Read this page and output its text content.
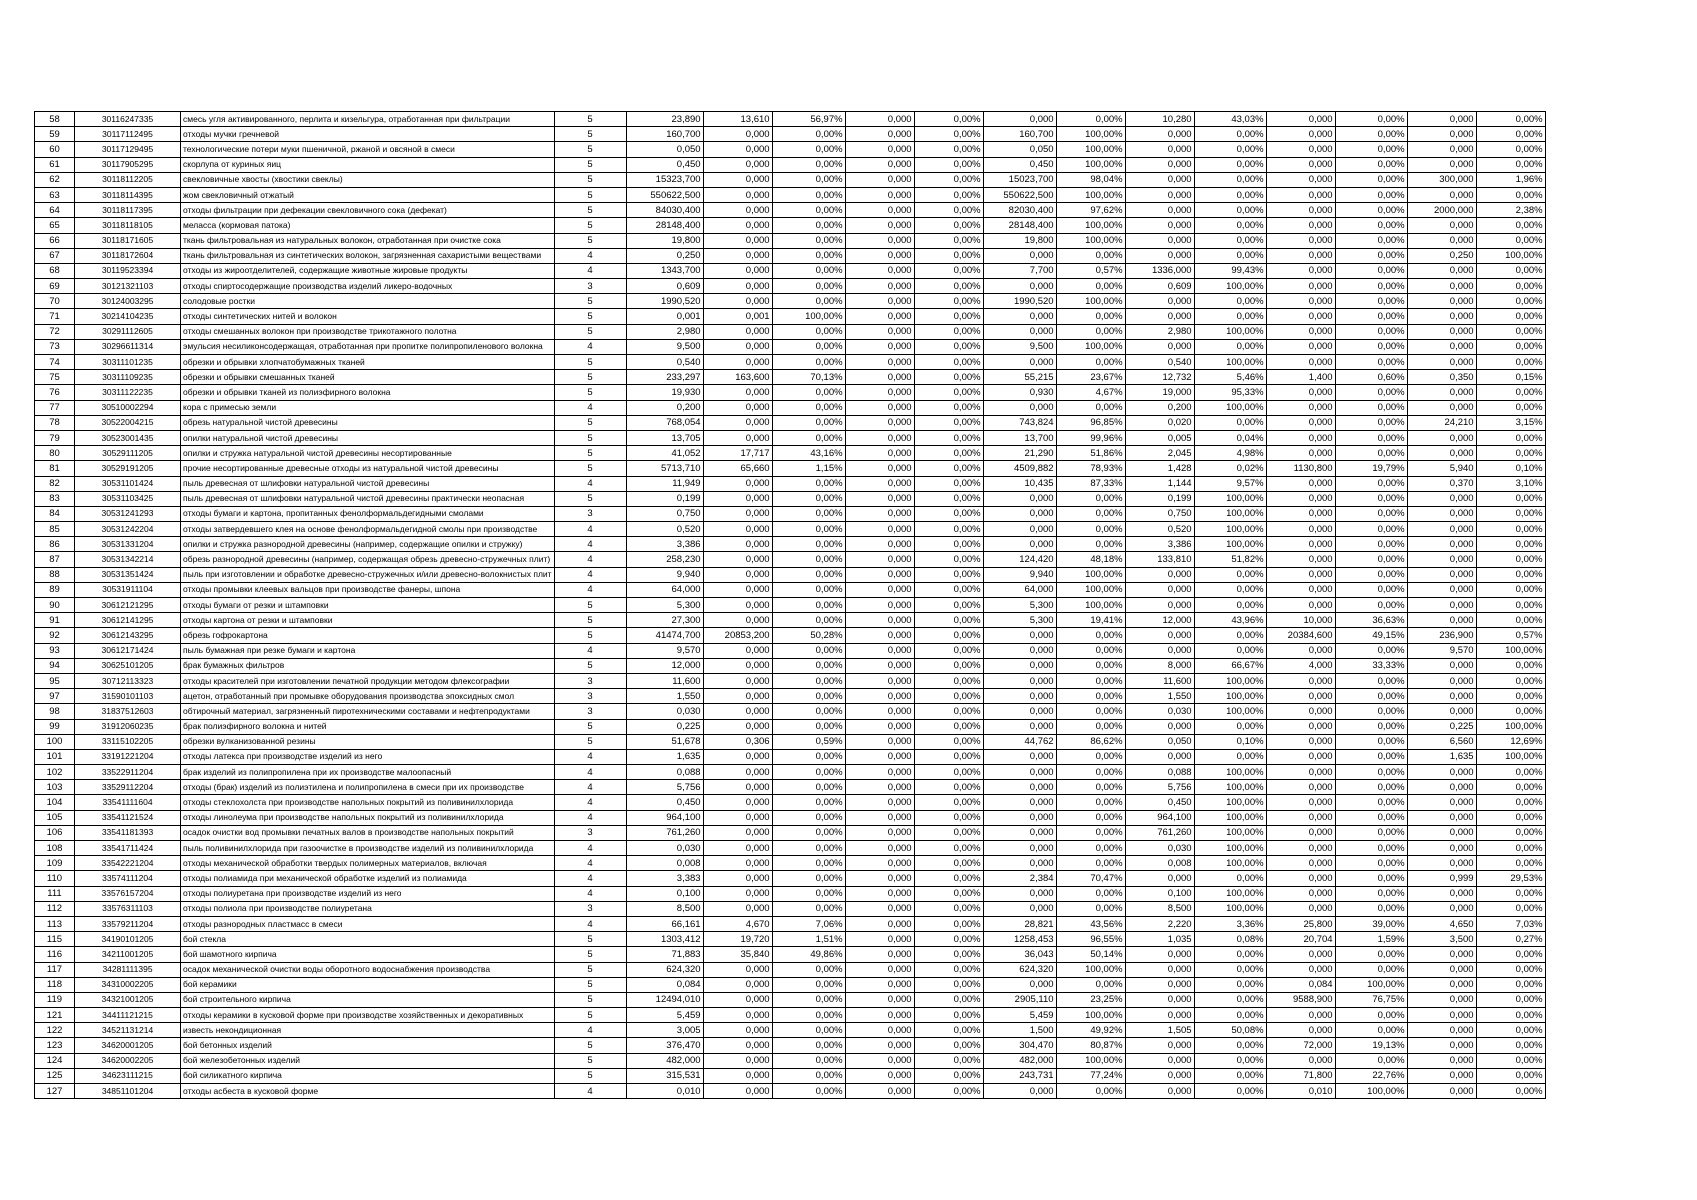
58	30116247335	смесь угля активированного, перлита и кизельгура, отработанная при фильтрации	5	23,890	13,610	56,97%	0,000	0,00%	0,000	0,00%	10,280	43,03%	0,000	0,00%	0,000	0,00%
59	30117112495	отходы мучки гречневой	5	160,700	0,000	0,00%	0,000	0,00%	160,700	100,00%	0,000	0,00%	0,000	0,00%	0,000	0,00%
60	30117129495	технологические потери муки пшеничной, ржаной и овсяной в смеси	5	0,050	0,000	0,00%	0,000	0,00%	0,050	100,00%	0,000	0,00%	0,000	0,00%	0,000	0,00%
61	30117905295	скорлупа от куриных яиц	5	0,450	0,000	0,00%	0,000	0,00%	0,450	100,00%	0,000	0,00%	0,000	0,00%	0,000	0,00%
62	30118112205	свекловичные хвосты (хвостики свеклы)	5	15323,700	0,000	0,00%	0,000	0,00%	15023,700	98,04%	0,000	0,00%	0,000	0,00%	300,000	1,96%
63	30118114395	жом свекловичный отжатый	5	550622,500	0,000	0,00%	0,000	0,00%	550622,500	100,00%	0,000	0,00%	0,000	0,00%	0,000	0,00%
64	30118117395	отходы фильтрации при дефекации свекловичного сока (дефекат)	5	84030,400	0,000	0,00%	0,000	0,00%	82030,400	97,62%	0,000	0,00%	0,000	0,00%	2000,000	2,38%
65	30118118105	меласса (кормовая патока)	5	28148,400	0,000	0,00%	0,000	0,00%	28148,400	100,00%	0,000	0,00%	0,000	0,00%	0,000	0,00%
66	30118171605	ткань фильтровальная из натуральных волокон, отработанная при очистке сока	5	19,800	0,000	0,00%	0,000	0,00%	19,800	100,00%	0,000	0,00%	0,000	0,00%	0,000	0,00%
67	30118172604	ткань фильтровальная из синтетических волокон, загрязненная сахаристыми веществами	4	0,250	0,000	0,00%	0,000	0,00%	0,000	0,00%	0,000	0,00%	0,000	0,00%	0,250	100,00%
68	30119523394	отходы из жироотделителей, содержащие животные жировые продукты	4	1343,700	0,000	0,00%	0,000	0,00%	7,700	0,57%	1336,000	99,43%	0,000	0,00%	0,000	0,00%
69	30121321103	отходы спиртосодержащие производства изделий ликеро-водочных	3	0,609	0,000	0,00%	0,000	0,00%	0,000	0,00%	0,609	100,00%	0,000	0,00%	0,000	0,00%
70	30124003295	солодовые ростки	5	1990,520	0,000	0,00%	0,000	0,00%	1990,520	100,00%	0,000	0,00%	0,000	0,00%	0,000	0,00%
71	30214104235	отходы синтетических нитей и волокон	5	0,001	0,001	100,00%	0,000	0,00%	0,000	0,00%	0,000	0,00%	0,000	0,00%	0,000	0,00%
72	30291112605	отходы смешанных волокон при производстве трикотажного полотна	5	2,980	0,000	0,00%	0,000	0,00%	0,000	0,00%	2,980	100,00%	0,000	0,00%	0,000	0,00%
73	30296611314	эмульсия несиликонсодержащая, отработанная при пропитке полипропиленового волокна	4	9,500	0,000	0,00%	0,000	0,00%	9,500	100,00%	0,000	0,00%	0,000	0,00%	0,000	0,00%
74	30311101235	обрезки и обрывки хлопчатобумажных тканей	5	0,540	0,000	0,00%	0,000	0,00%	0,000	0,00%	0,540	100,00%	0,000	0,00%	0,000	0,00%
75	30311109235	обрезки и обрывки смешанных тканей	5	233,297	163,600	70,13%	0,000	0,00%	55,215	23,67%	12,732	5,46%	1,400	0,60%	0,350	0,15%
76	30311122235	обрезки и обрывки тканей из полиэфирного волокна	5	19,930	0,000	0,00%	0,000	0,00%	0,930	4,67%	19,000	95,33%	0,000	0,00%	0,000	0,00%
77	30510002294	кора с примесью земли	4	0,200	0,000	0,00%	0,000	0,00%	0,000	0,00%	0,200	100,00%	0,000	0,00%	0,000	0,00%
78	30522004215	обрезь натуральной чистой древесины	5	768,054	0,000	0,00%	0,000	0,00%	743,824	96,85%	0,020	0,00%	0,000	0,00%	24,210	3,15%
79	30523001435	опилки натуральной чистой древесины	5	13,705	0,000	0,00%	0,000	0,00%	13,700	99,96%	0,005	0,04%	0,000	0,00%	0,000	0,00%
80	30529111205	опилки и стружка натуральной чистой древесины несортированные	5	41,052	17,717	43,16%	0,000	0,00%	21,290	51,86%	2,045	4,98%	0,000	0,00%	0,000	0,00%
81	30529191205	прочие несортированные древесные отходы из натуральной чистой древесины	5	5713,710	65,660	1,15%	0,000	0,00%	4509,882	78,93%	1,428	0,02%	1130,800	19,79%	5,940	0,10%
82	30531101424	пыль древесная от шлифовки натуральной чистой древесины	4	11,949	0,000	0,00%	0,000	0,00%	10,435	87,33%	1,144	9,57%	0,000	0,00%	0,370	3,10%
83	30531103425	пыль древесная от шлифовки натуральной чистой древесины практически неопасная	5	0,199	0,000	0,00%	0,000	0,00%	0,000	0,00%	0,199	100,00%	0,000	0,00%	0,000	0,00%
84	30531241293	отходы бумаги и картона, пропитанных фенолформальдегидными смолами	3	0,750	0,000	0,00%	0,000	0,00%	0,000	0,00%	0,750	100,00%	0,000	0,00%	0,000	0,00%
85	30531242204	отходы затвердевшего клея на основе фенолформальдегидной смолы при производстве	4	0,520	0,000	0,00%	0,000	0,00%	0,000	0,00%	0,520	100,00%	0,000	0,00%	0,000	0,00%
86	30531331204	опилки и стружка разнородной древесины (например, содержащие опилки и стружку)	4	3,386	0,000	0,00%	0,000	0,00%	0,000	0,00%	3,386	100,00%	0,000	0,00%	0,000	0,00%
87	30531342214	обрезь разнородной древесины (например, содержащая обрезь древесно-стружечных плит)	4	258,230	0,000	0,00%	0,000	0,00%	124,420	48,18%	133,810	51,82%	0,000	0,00%	0,000	0,00%
88	30531351424	пыль при изготовлении и обработке древесно-стружечных и/или древесно-волокнистых плит	4	9,940	0,000	0,00%	0,000	0,00%	9,940	100,00%	0,000	0,00%	0,000	0,00%	0,000	0,00%
89	30531911104	отходы промывки клеевых вальцов при производстве фанеры, шпона	4	64,000	0,000	0,00%	0,000	0,00%	64,000	100,00%	0,000	0,00%	0,000	0,00%	0,000	0,00%
90	30612121295	отходы бумаги от резки и штамповки	5	5,300	0,000	0,00%	0,000	0,00%	5,300	100,00%	0,000	0,00%	0,000	0,00%	0,000	0,00%
91	30612141295	отходы картона от резки и штамповки	5	27,300	0,000	0,00%	0,000	0,00%	5,300	19,41%	12,000	43,96%	10,000	36,63%	0,000	0,00%
92	30612143295	обрезь гофрокартона	5	41474,700	20853,200	50,28%	0,000	0,00%	0,000	0,00%	0,000	0,00%	20384,600	49,15%	236,900	0,57%
93	30612171424	пыль бумажная при резке бумаги и картона	4	9,570	0,000	0,00%	0,000	0,00%	0,000	0,00%	0,000	0,00%	0,000	0,00%	9,570	100,00%
94	30625101205	брак бумажных фильтров	5	12,000	0,000	0,00%	0,000	0,00%	0,000	0,00%	8,000	66,67%	4,000	33,33%	0,000	0,00%
95	30712113323	отходы красителей при изготовлении печатной продукции методом флексографии	3	11,600	0,000	0,00%	0,000	0,00%	0,000	0,00%	11,600	100,00%	0,000	0,00%	0,000	0,00%
97	31590101103	ацетон, отработанный при промывке оборудования производства эпоксидных смол	3	1,550	0,000	0,00%	0,000	0,00%	0,000	0,00%	1,550	100,00%	0,000	0,00%	0,000	0,00%
98	31837512603	обтирочный материал, загрязненный пиротехническими составами и нефтепродуктами	3	0,030	0,000	0,00%	0,000	0,00%	0,000	0,00%	0,030	100,00%	0,000	0,00%	0,000	0,00%
99	31912060235	брак полиэфирного волокна и нитей	5	0,225	0,000	0,00%	0,000	0,00%	0,000	0,00%	0,000	0,00%	0,000	0,00%	0,225	100,00%
100	33115102205	обрезки вулканизованной резины	5	51,678	0,306	0,59%	0,000	0,00%	44,762	86,62%	0,050	0,10%	0,000	0,00%	6,560	12,69%
101	33191221204	отходы латекса при производстве изделий из него	4	1,635	0,000	0,00%	0,000	0,00%	0,000	0,00%	0,000	0,00%	0,000	0,00%	1,635	100,00%
102	33522911204	брак изделий из полипропилена при их производстве малоопасный	4	0,088	0,000	0,00%	0,000	0,00%	0,000	0,00%	0,088	100,00%	0,000	0,00%	0,000	0,00%
103	33529112204	отходы (брак) изделий из полиэтилена и полипропилена в смеси при их производстве	4	5,756	0,000	0,00%	0,000	0,00%	0,000	0,00%	5,756	100,00%	0,000	0,00%	0,000	0,00%
104	33541111604	отходы стеклохолста при производстве напольных покрытий из поливинилхлорида	4	0,450	0,000	0,00%	0,000	0,00%	0,000	0,00%	0,450	100,00%	0,000	0,00%	0,000	0,00%
105	33541121524	отходы линолеума при производстве напольных покрытий из поливинилхлорида	4	964,100	0,000	0,00%	0,000	0,00%	0,000	0,00%	964,100	100,00%	0,000	0,00%	0,000	0,00%
106	33541181393	осадок очистки вод промывки печатных валов в производстве напольных покрытий	3	761,260	0,000	0,00%	0,000	0,00%	0,000	0,00%	761,260	100,00%	0,000	0,00%	0,000	0,00%
108	33541711424	пыль поливинилхлорида при газоочистке в производстве изделий из поливинилхлорида	4	0,030	0,000	0,00%	0,000	0,00%	0,000	0,00%	0,030	100,00%	0,000	0,00%	0,000	0,00%
109	33542221204	отходы механической обработки твердых полимерных материалов, включая	4	0,008	0,000	0,00%	0,000	0,00%	0,000	0,00%	0,008	100,00%	0,000	0,00%	0,000	0,00%
110	33574111204	отходы полиамида при механической обработке изделий из полиамида	4	3,383	0,000	0,00%	0,000	0,00%	2,384	70,47%	0,000	0,00%	0,000	0,00%	0,999	29,53%
111	33576157204	отходы полиуретана при производстве изделий из него	4	0,100	0,000	0,00%	0,000	0,00%	0,000	0,00%	0,100	100,00%	0,000	0,00%	0,000	0,00%
112	33576311103	отходы полиола при производстве полиуретана	3	8,500	0,000	0,00%	0,000	0,00%	0,000	0,00%	8,500	100,00%	0,000	0,00%	0,000	0,00%
113	33579211204	отходы разнородных пластмасс в смеси	4	66,161	4,670	7,06%	0,000	0,00%	28,821	43,56%	2,220	3,36%	25,800	39,00%	4,650	7,03%
115	34190101205	бой стекла	5	1303,412	19,720	1,51%	0,000	0,00%	1258,453	96,55%	1,035	0,08%	20,704	1,59%	3,500	0,27%
116	34211001205	бой шамотного кирпича	5	71,883	35,840	49,86%	0,000	0,00%	36,043	50,14%	0,000	0,00%	0,000	0,00%	0,000	0,00%
117	34281111395	осадок механической очистки воды оборотного водоснабжения производства	5	624,320	0,000	0,00%	0,000	0,00%	624,320	100,00%	0,000	0,00%	0,000	0,00%	0,000	0,00%
118	34310002205	бой керамики	5	0,084	0,000	0,00%	0,000	0,00%	0,000	0,00%	0,000	0,00%	0,084	100,00%	0,000	0,00%
119	34321001205	бой строительного кирпича	5	12494,010	0,000	0,00%	0,000	0,00%	2905,110	23,25%	0,000	0,00%	9588,900	76,75%	0,000	0,00%
121	34411121215	отходы керамики в кусковой форме при производстве хозяйственных и декоративных	5	5,459	0,000	0,00%	0,000	0,00%	5,459	100,00%	0,000	0,00%	0,000	0,00%	0,000	0,00%
122	34521131214	известь некондиционная	4	3,005	0,000	0,00%	0,000	0,00%	1,500	49,92%	1,505	50,08%	0,000	0,00%	0,000	0,00%
123	34620001205	бой бетонных изделий	5	376,470	0,000	0,00%	0,000	0,00%	304,470	80,87%	0,000	0,00%	72,000	19,13%	0,000	0,00%
124	34620002205	бой железобетонных изделий	5	482,000	0,000	0,00%	0,000	0,00%	482,000	100,00%	0,000	0,00%	0,000	0,00%	0,000	0,00%
125	34623111215	бой силикатного кирпича	5	315,531	0,000	0,00%	0,000	0,00%	243,731	77,24%	0,000	0,00%	71,800	22,76%	0,000	0,00%
127	34851101204	отходы асбеста в кусковой форме	4	0,010	0,000	0,00%	0,000	0,00%	0,000	0,00%	0,000	0,00%	0,010	100,00%	0,000	0,00%
